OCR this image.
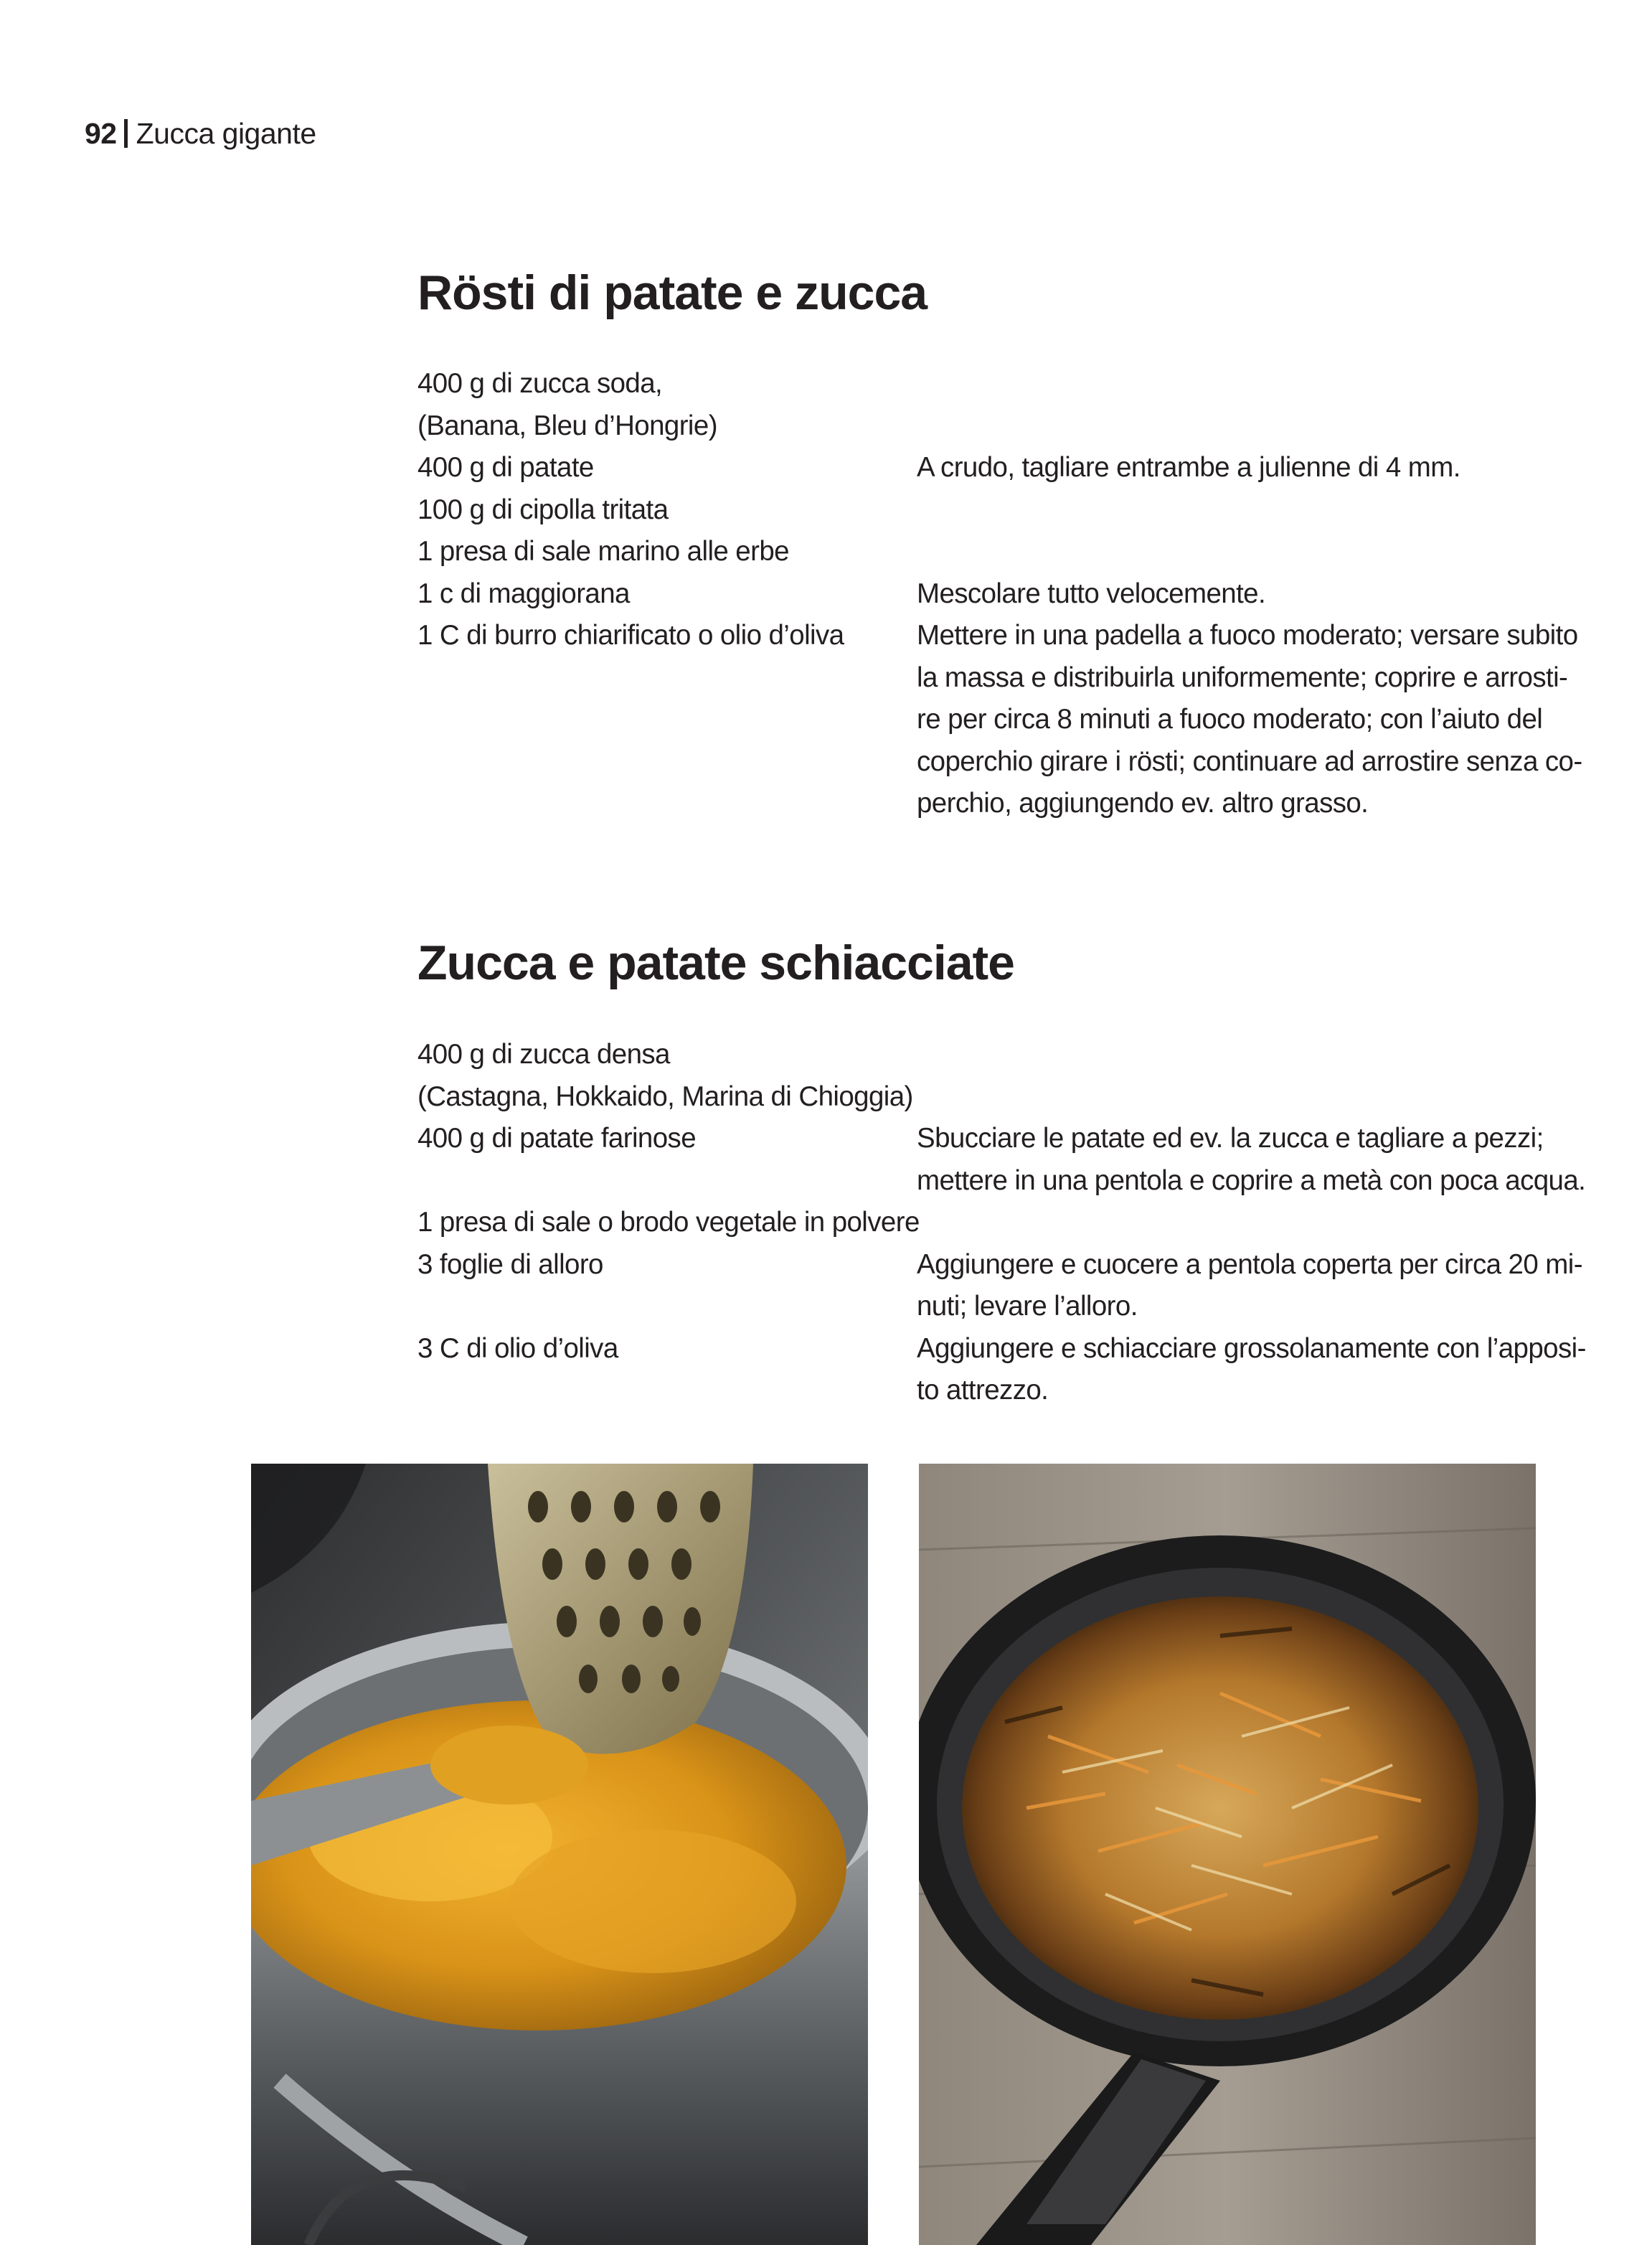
92 Zucca gigante
Rösti di patate e zucca
400 g di zucca soda,
(Banana, Bleu d’Hongrie)
400 g di patate
100 g di cipolla tritata
1 presa di sale marino alle erbe
1 c di maggiorana
1 C di burro chiarificato o olio d’oliva
A crudo, tagliare entrambe a julienne di 4 mm.
Mescolare tutto velocemente.
Mettere in una padella a fuoco moderato; versare subito
la massa e distribuirla uniformemente; coprire e arrosti-
re per circa 8 minuti a fuoco moderato; con l’aiuto del
coperchio girare i rösti; continuare ad arrostire senza co-
perchio, aggiungendo ev. altro grasso.
Zucca e patate schiacciate
400 g di zucca densa
(Castagna, Hokkaido, Marina di Chioggia)
400 g di patate farinose
1 presa di sale o brodo vegetale in polvere
3 foglie di alloro
3 C di olio d’oliva
Sbucciare le patate ed ev. la zucca e tagliare a pezzi;
mettere in una pentola e coprire a metà con poca acqua.
Aggiungere e cuocere a pentola coperta per circa 20 mi-
nuti; levare l’alloro.
Aggiungere e schiacciare grossolanamente con l’apposi-
to attrezzo.
